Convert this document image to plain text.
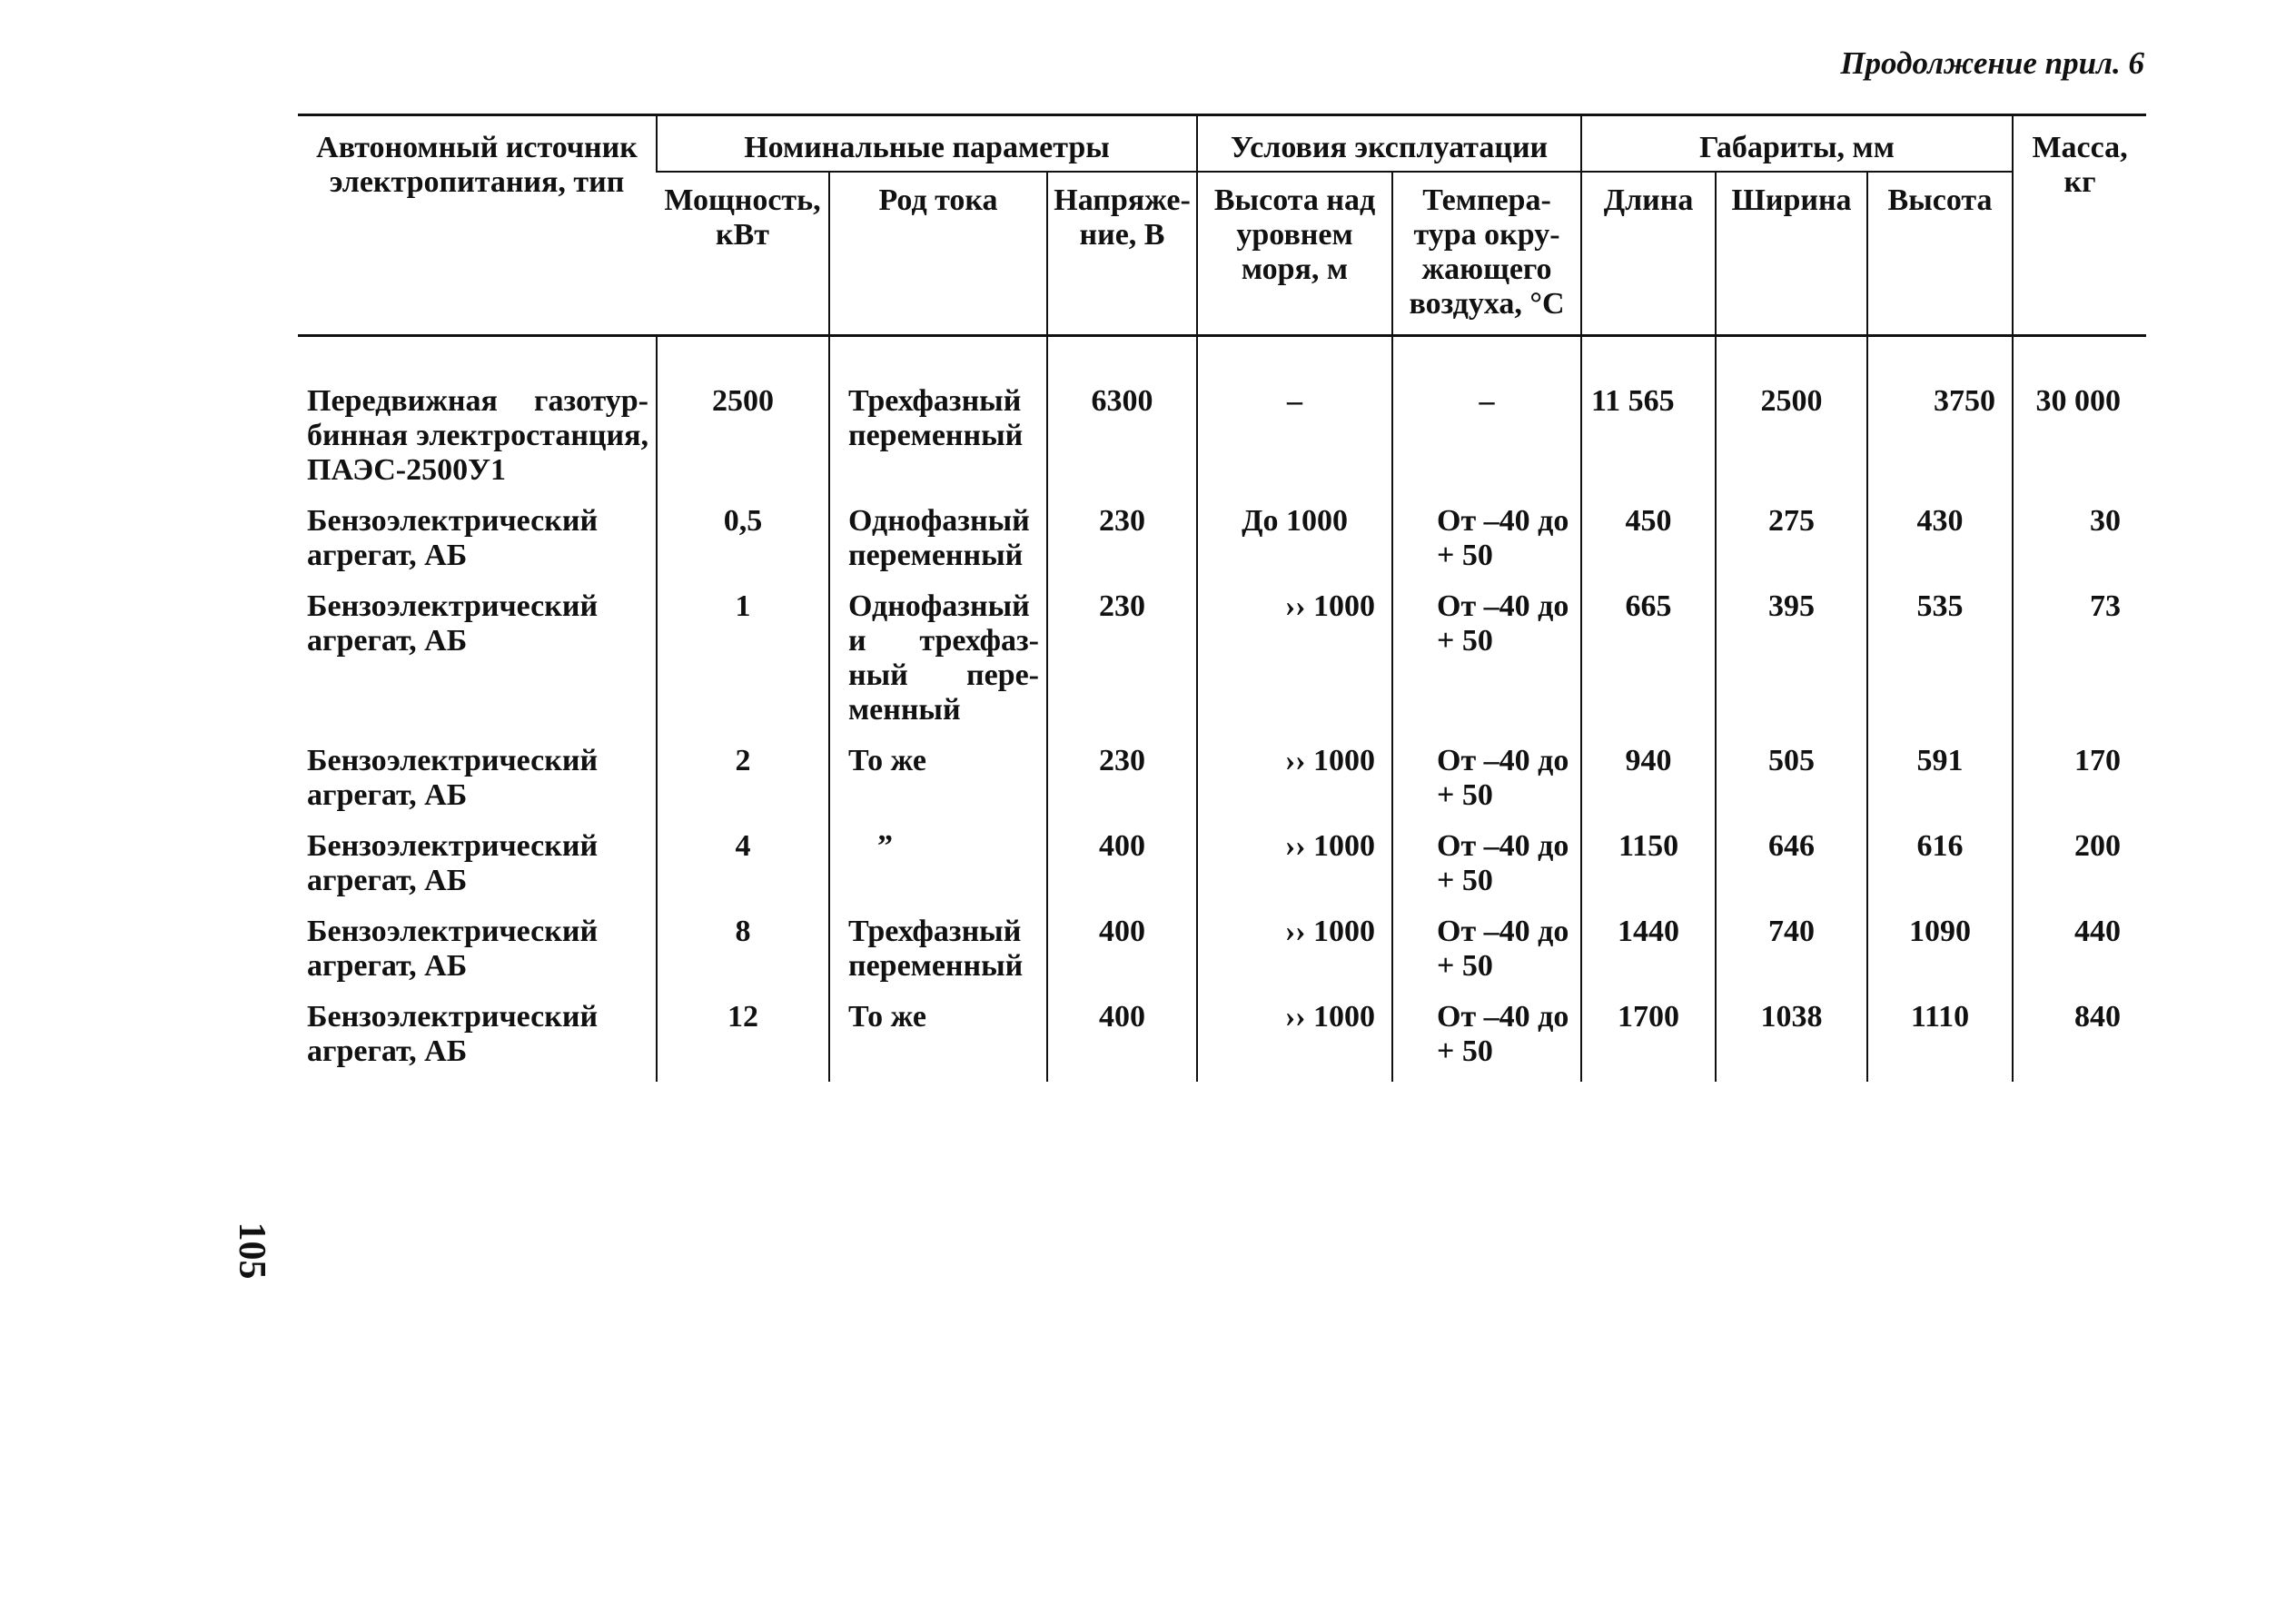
Продолжение прил. 6

105
Автономный источник электропитания, тип	Номинальные параметры			Условия эксплуатации		Габариты, мм			Масса, кг
	Мощность, кВт	Род тока	Напряжение, В	Высота над уровнем моря, м	Температура окружающего воздуха, °С	Длина	Ширина	Высота	
Передвижная газотурбинная электростанция, ПАЭС-2500У1	2500	Трехфазный переменный	6300	–	–	11 565	2500	3750	30 000
Бензоэлектрический агрегат, АБ	0,5	Однофазный переменный	230	До 1000	От –40 до + 50	450	275	430	30
Бензоэлектрический агрегат, АБ	1	Однофазный и трехфазный переменный	230	›› 1000	От –40 до + 50	665	395	535	73
Бензоэлектрический агрегат, АБ	2	То же	230	›› 1000	От –40 до + 50	940	505	591	170
Бензоэлектрический агрегат, АБ	4	”	400	›› 1000	От –40 до + 50	1150	646	616	200
Бензоэлектрический агрегат, АБ	8	Трехфазный переменный	400	›› 1000	От –40 до + 50	1440	740	1090	440
Бензоэлектрический агрегат, АБ	12	То же	400	›› 1000	От –40 до + 50	1700	1038	1110	840
